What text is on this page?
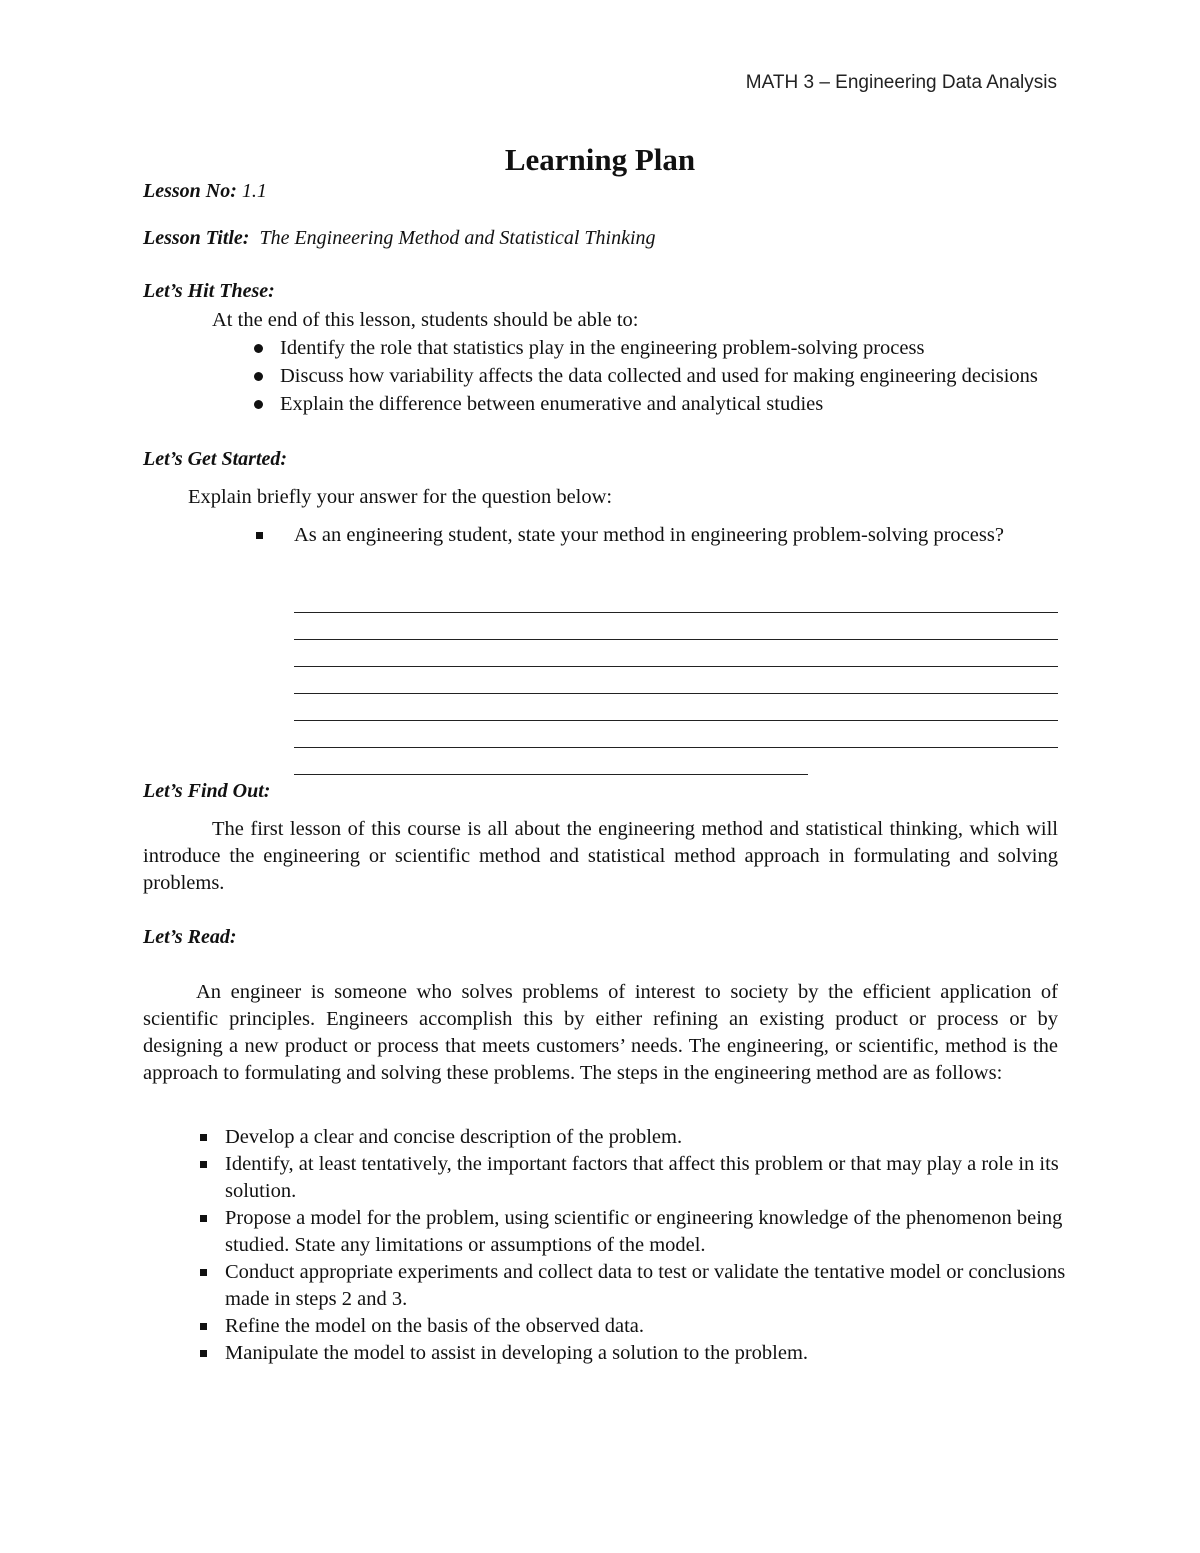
MATH 3 – Engineering Data Analysis
Learning Plan
Lesson No: 1.1
Lesson Title: The Engineering Method and Statistical Thinking
Let’s Hit These:
At the end of this lesson, students should be able to:
Identify the role that statistics play in the engineering problem-solving process
Discuss how variability affects the data collected and used for making engineering decisions
Explain the difference between enumerative and analytical studies
Let’s Get Started:
Explain briefly your answer for the question below:
As an engineering student, state your method in engineering problem-solving process?
Let’s Find Out:
The first lesson of this course is all about the engineering method and statistical thinking, which will introduce the engineering or scientific method and statistical method approach in formulating and solving problems.
Let’s Read:
An engineer is someone who solves problems of interest to society by the efficient application of scientific principles. Engineers accomplish this by either refining an existing product or process or by designing a new product or process that meets customers’ needs. The engineering, or scientific, method is the approach to formulating and solving these problems. The steps in the engineering method are as follows:
Develop a clear and concise description of the problem.
Identify, at least tentatively, the important factors that affect this problem or that may play a role in its solution.
Propose a model for the problem, using scientific or engineering knowledge of the phenomenon being studied. State any limitations or assumptions of the model.
Conduct appropriate experiments and collect data to test or validate the tentative model or conclusions made in steps 2 and 3.
Refine the model on the basis of the observed data.
Manipulate the model to assist in developing a solution to the problem.
